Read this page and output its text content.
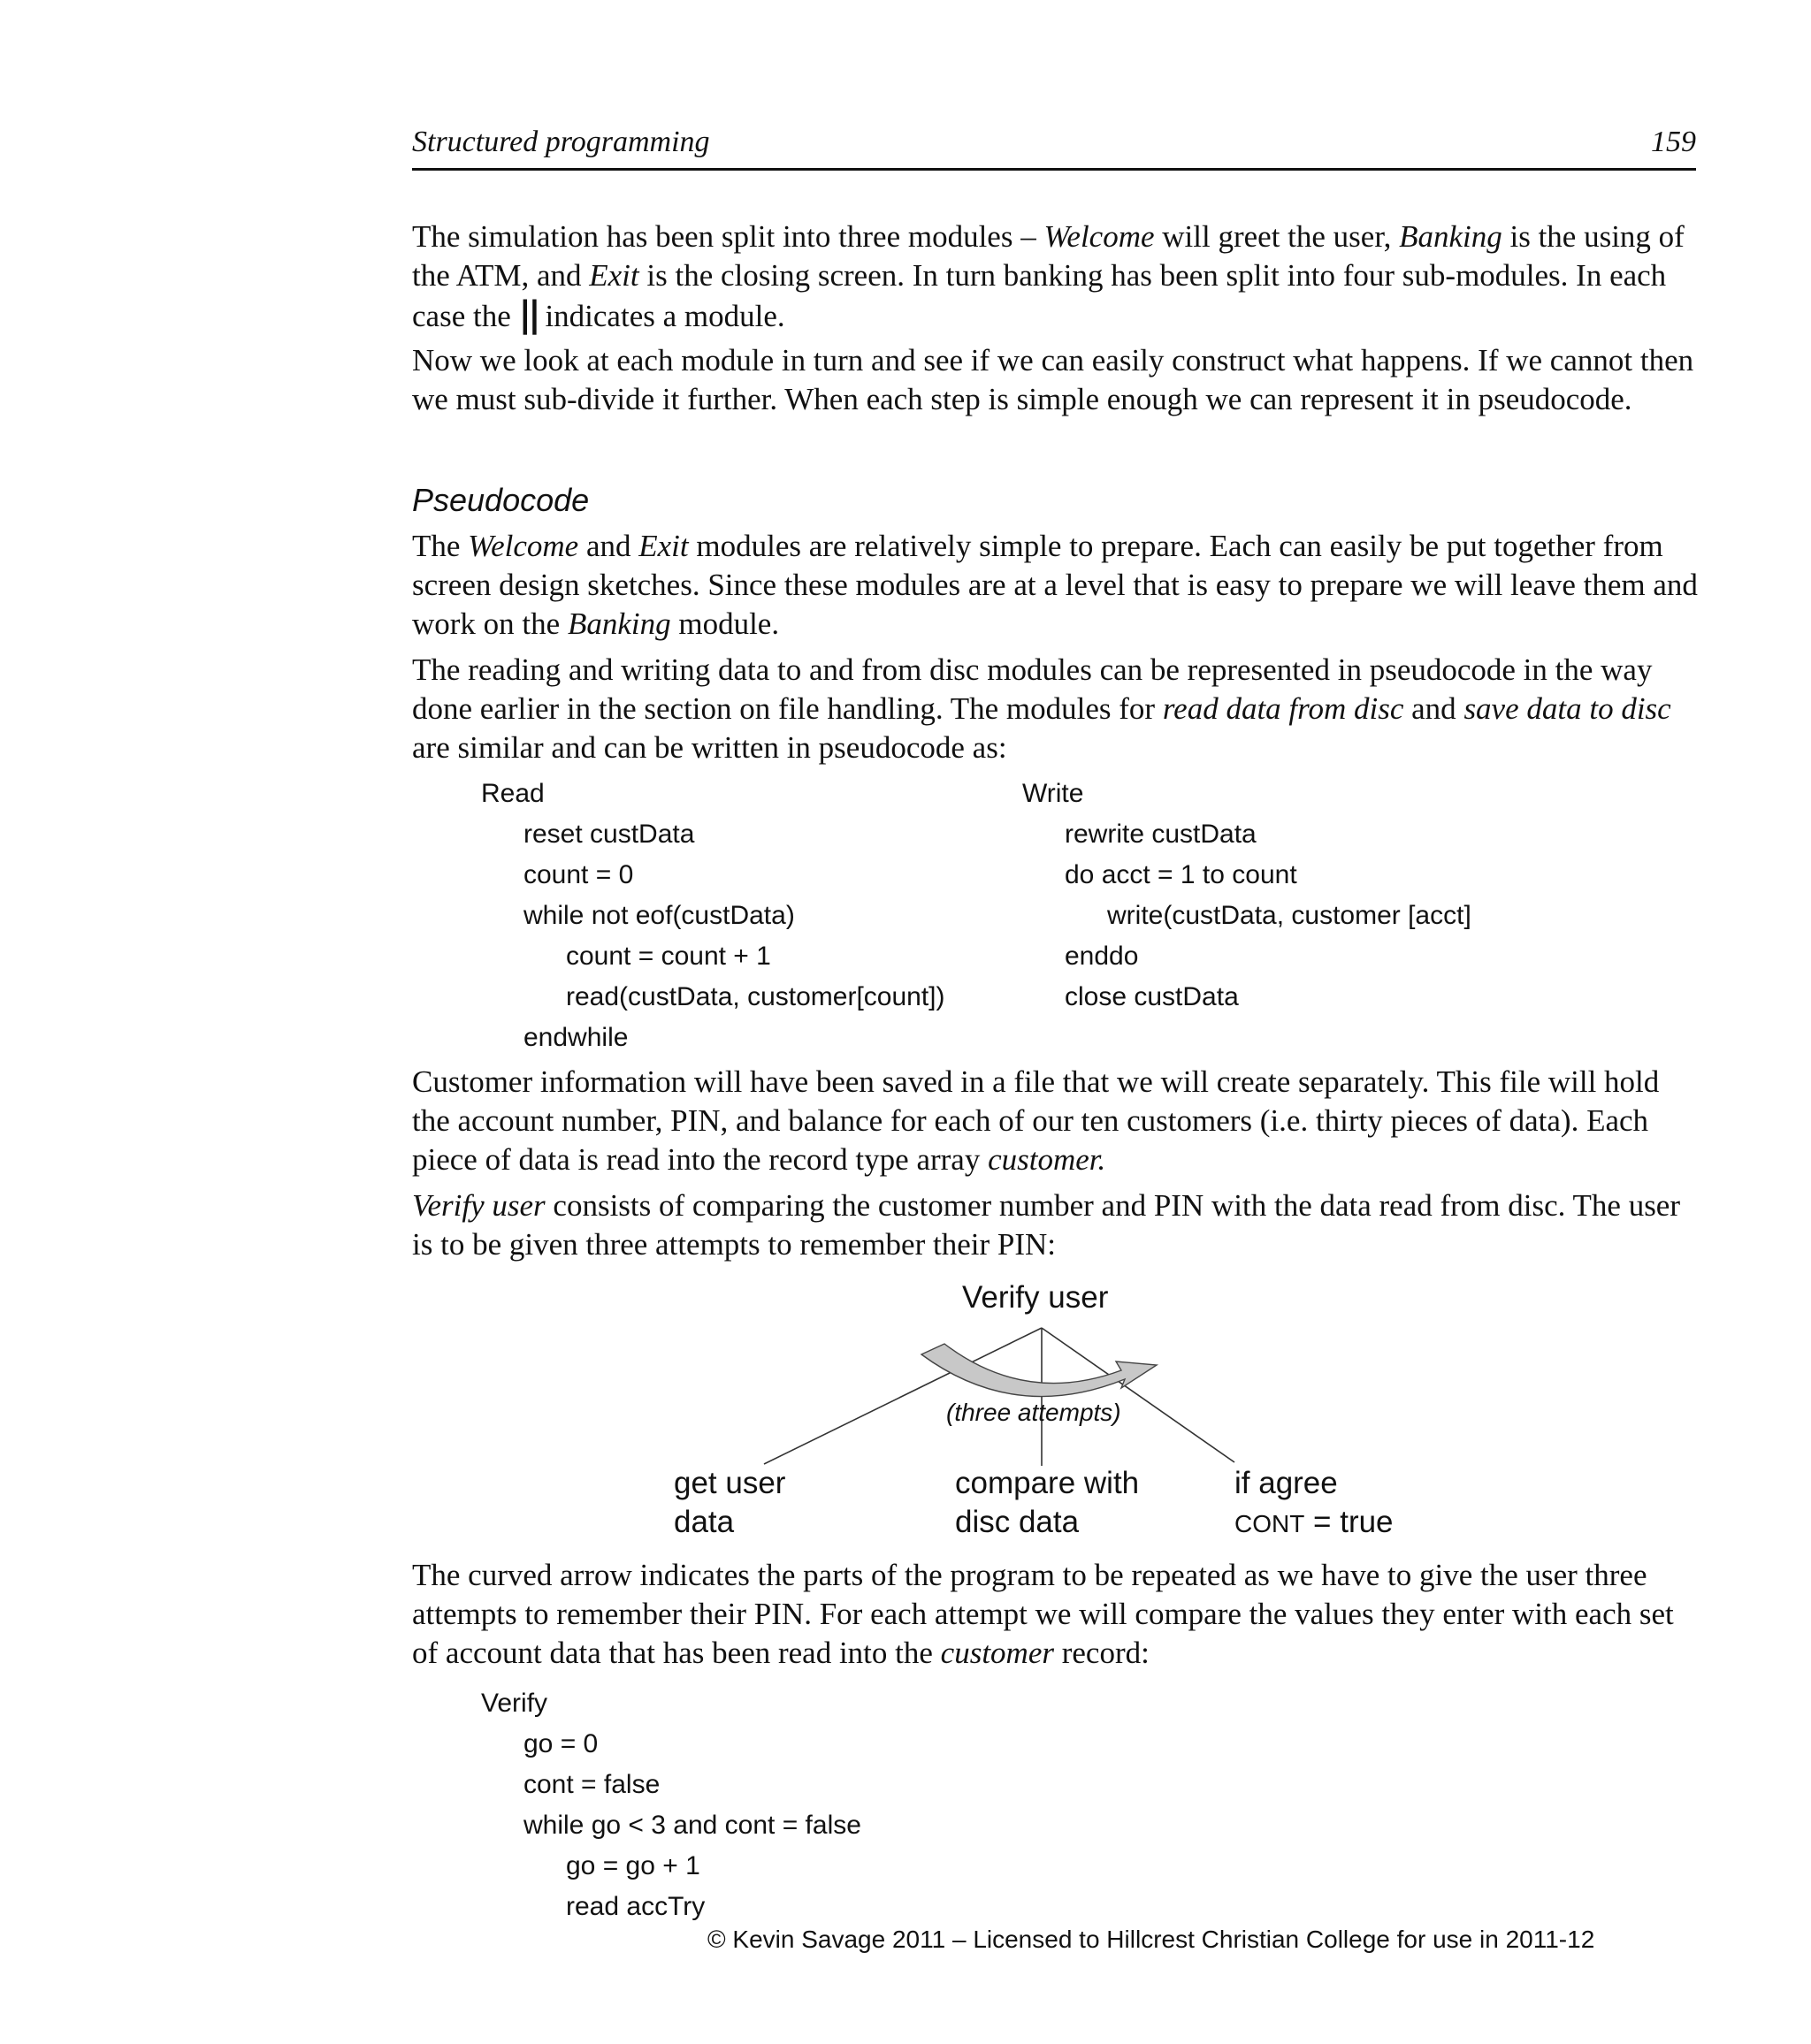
Structured programming	159
The simulation has been split into three modules – Welcome will greet the user, Banking is the using of the ATM, and Exit is the closing screen. In turn banking has been split into four sub-modules. In each case the || indicates a module.
Now we look at each module in turn and see if we can easily construct what happens. If we cannot then we must sub-divide it further. When each step is simple enough we can represent it in pseudocode.
Pseudocode
The Welcome and Exit modules are relatively simple to prepare. Each can easily be put together from screen design sketches. Since these modules are at a level that is easy to prepare we will leave them and work on the Banking module.
The reading and writing data to and from disc modules can be represented in pseudocode in the way done earlier in the section on file handling. The modules for read data from disc and save data to disc are similar and can be written in pseudocode as:
Read
reset custData
count = 0
while not eof(custData)
count = count + 1
read(custData, customer[count])
endwhile
Write
rewrite custData
do acct = 1 to count
write(custData, customer [acct]
enddo
close custData
Customer information will have been saved in a file that we will create separately. This file will hold the account number, PIN, and balance for each of our ten customers (i.e. thirty pieces of data). Each piece of data is read into the record type array customer.
Verify user consists of comparing the customer number and PIN with the data read from disc. The user is to be given three attempts to remember their PIN:
Verify user
(three attempts)
get user
data
compare with
disc data
if agree
CONT = true
The curved arrow indicates the parts of the program to be repeated as we have to give the user three attempts to remember their PIN. For each attempt we will compare the values they enter with each set of account data that has been read into the customer record:
Verify
go = 0
cont = false
while go < 3 and cont = false
go = go + 1
read accTry
© Kevin Savage 2011 – Licensed to Hillcrest Christian College for use in 2011-12
